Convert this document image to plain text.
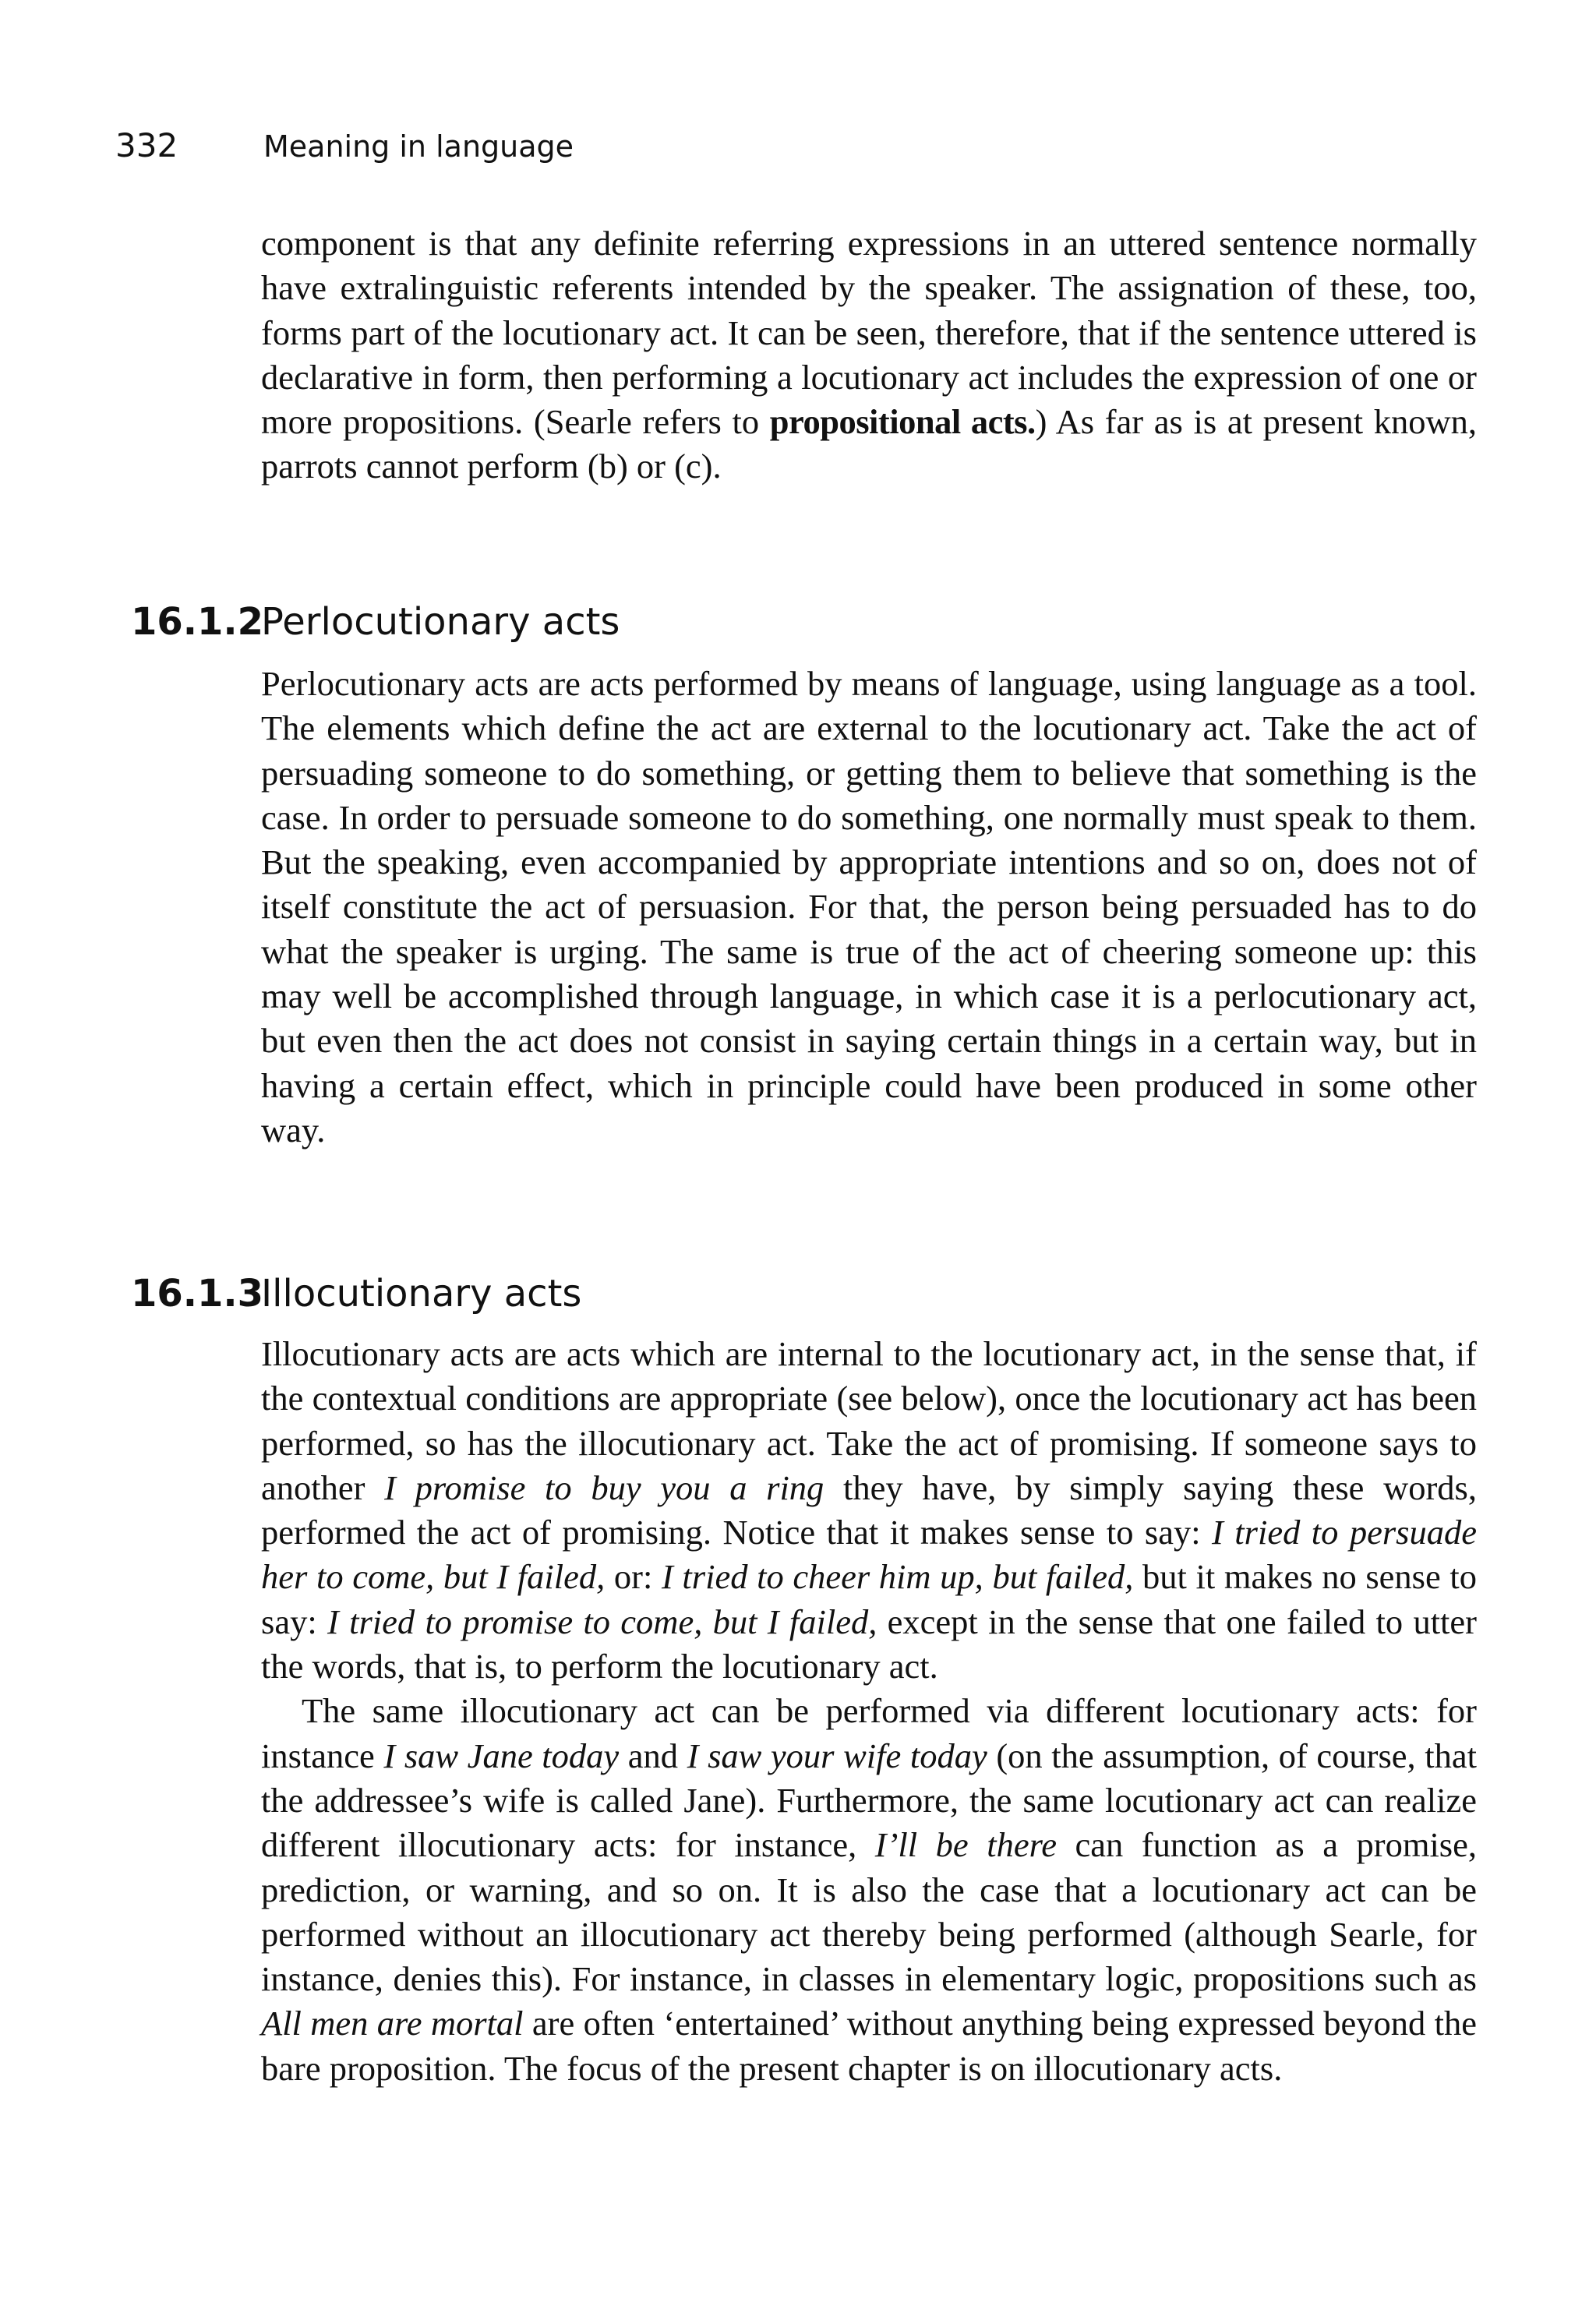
332	Meaning in language

component is that any definite referring expressions in an uttered sentence normally have extralinguistic referents intended by the speaker. The assignation of these, too, forms part of the locutionary act. It can be seen, therefore, that if the sentence uttered is declarative in form, then performing a locutionary act includes the expression of one or more propositions. (Searle refers to propositional acts.) As far as is at present known, parrots cannot perform (b) or (c).

16.1.2Perlocutionary acts

Perlocutionary acts are acts performed by means of language, using language as a tool. The elements which define the act are external to the locutionary act. Take the act of persuading someone to do something, or getting them to believe that something is the case. In order to persuade someone to do something, one normally must speak to them. But the speaking, even accompanied by appropriate intentions and so on, does not of itself constitute the act of persuasion. For that, the person being persuaded has to do what the speaker is urging. The same is true of the act of cheering someone up: this may well be accomplished through language, in which case it is a perlocutionary act, but even then the act does not consist in saying certain things in a certain way, but in having a certain effect, which in principle could have been produced in some other way.

16.1.3Illocutionary acts

Illocutionary acts are acts which are internal to the locutionary act, in the sense that, if the contextual conditions are appropriate (see below), once the locutionary act has been performed, so has the illocutionary act. Take the act of promising. If someone says to another I promise to buy you a ring they have, by simply saying these words, performed the act of promising. Notice that it makes sense to say: I tried to persuade her to come, but I failed, or: I tried to cheer him up, but failed, but it makes no sense to say: I tried to promise to come, but I failed, except in the sense that one failed to utter the words, that is, to perform the locutionary act.

The same illocutionary act can be performed via different locutionary acts: for instance I saw Jane today and I saw your wife today (on the assumption, of course, that the addressee’s wife is called Jane). Furthermore, the same locutionary act can realize different illocutionary acts: for instance, I’ll be there can function as a promise, prediction, or warning, and so on. It is also the case that a locutionary act can be performed without an illocutionary act thereby being performed (although Searle, for instance, denies this). For instance, in classes in elementary logic, propositions such as All men are mortal are often ‘entertained’ without anything being expressed beyond the bare proposition. The focus of the present chapter is on illocutionary acts.
